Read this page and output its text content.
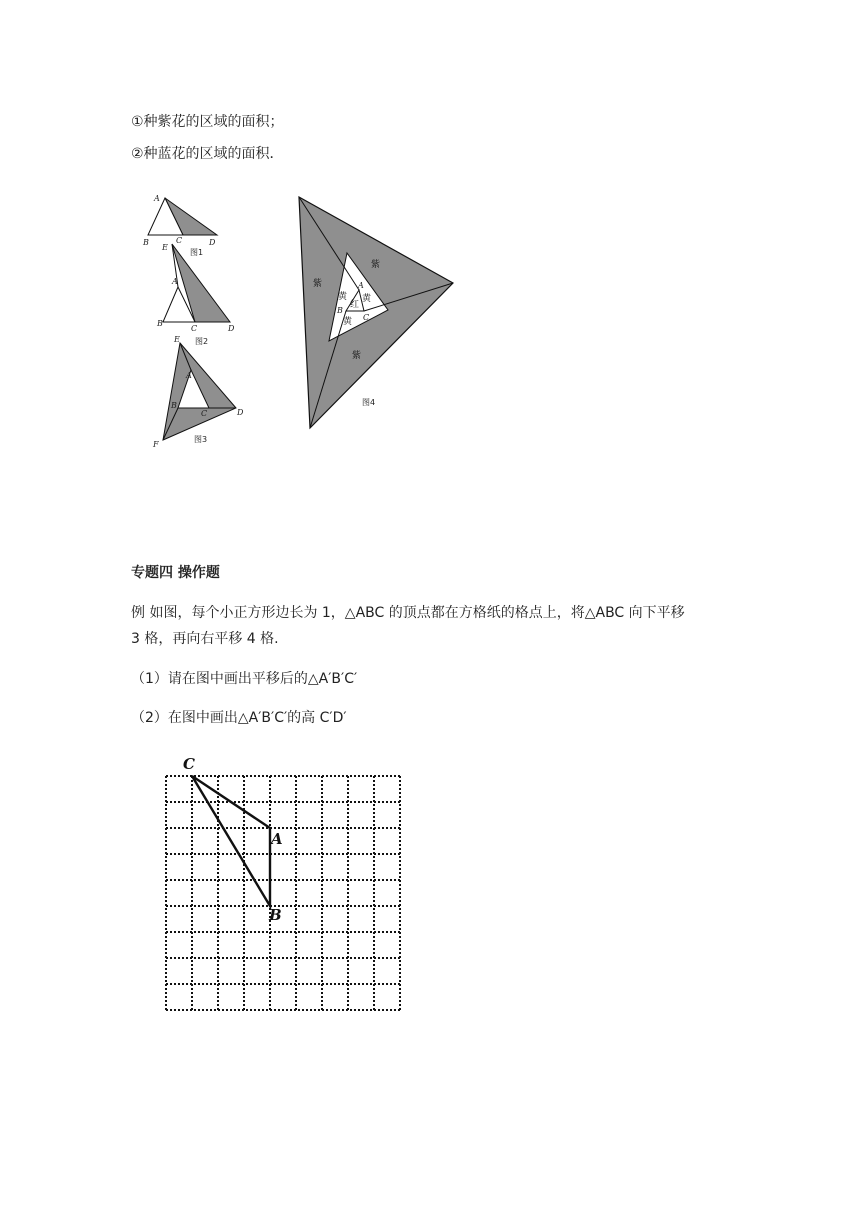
①种紫花的区域的面积；
②种蓝花的区域的面积．
A
B	C	D
图1
E
A
B
C	D
图2
E
A
B
C	D
F
图3
紫
紫
紫
黄 黄
黄
红
A
B
C
图4
专题四 操作题
例 如图，每个小正方形边长为 1，△ABC 的顶点都在方格纸的格点上，将△ABC 向下平移
3 格，再向右平移 4 格.
（1）请在图中画出平移后的△A′B′C′
（2）在图中画出△A′B′C′的高 C′D′
C
A
B
